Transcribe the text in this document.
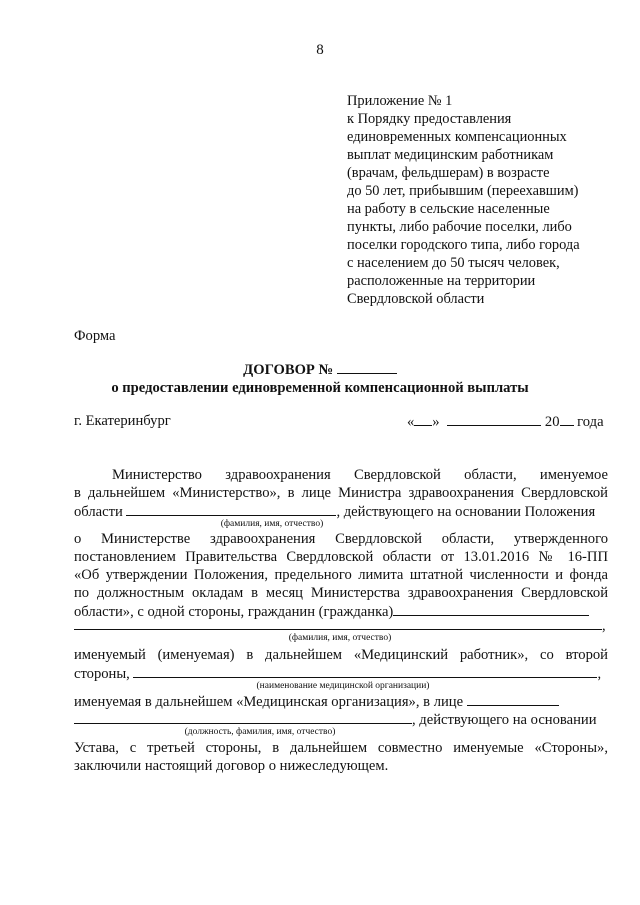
8
Приложение № 1
к Порядку предоставления
единовременных компенсационных
выплат медицинским работникам
(врачам, фельдшерам) в возрасте
до 50 лет, прибывшим (переехавшим)
на работу в сельские населенные
пункты, либо рабочие поселки, либо
поселки городского типа, либо города
с населением до 50 тысяч человек,
расположенные на территории
Свердловской области
Форма
ДОГОВОР №
о предоставлении единовременной компенсационной выплаты
г. Екатеринбург	« »	20 года
Министерство здравоохранения Свердловской области, именуемое
в дальнейшем «Министерство», в лице Министра здравоохранения Свердловской
области	, действующего на основании Положения
(фамилия, имя, отчество)
о Министерстве здравоохранения Свердловской области, утвержденного
постановлением Правительства Свердловской области от 13.01.2016 № 16-ПП
«Об утверждении Положения, предельного лимита штатной численности и фонда
по должностным окладам в месяц Министерства здравоохранения Свердловской
области», с одной стороны, гражданин (гражданка)
,
(фамилия, имя, отчество)
именуемый (именуемая) в дальнейшем «Медицинский работник», со второй
стороны,	,
(наименование медицинской организации)
именуемая в дальнейшем «Медицинская организация», в лице
, действующего на основании
(должность, фамилия, имя, отчество)
Устава, с третьей стороны, в дальнейшем совместно именуемые «Стороны»,
заключили настоящий договор о нижеследующем.
